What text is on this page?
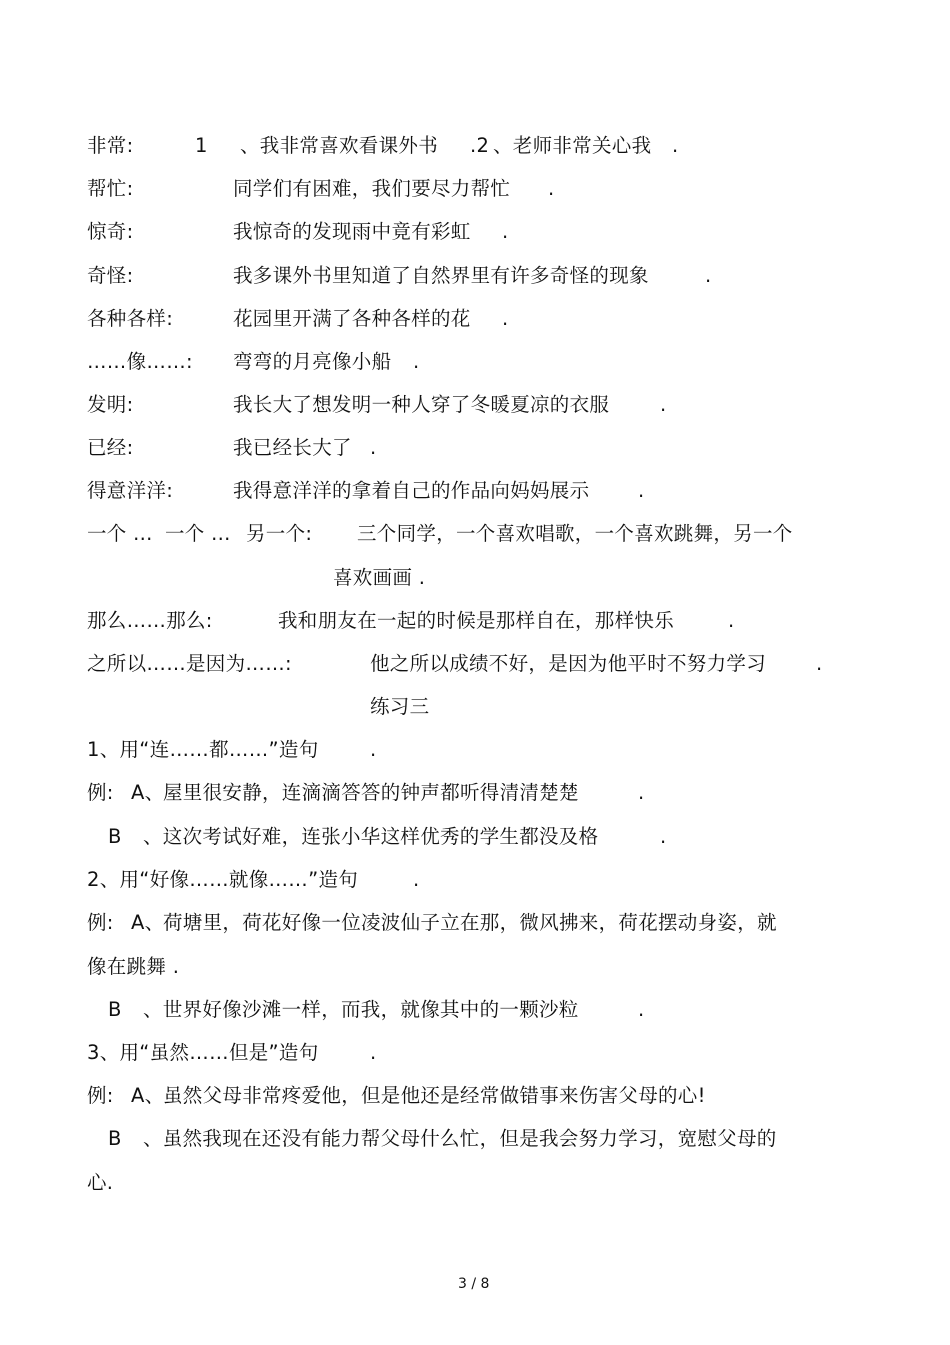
非常:	1 、我非常喜欢看课外书 .2 、老师非常关心我 .
帮忙:	同学们有困难，我们要尽力帮忙 .
惊奇:	我惊奇的发现雨中竟有彩虹 .
奇怪:	我多课外书里知道了自然界里有许多奇怪的现象	.
各种各样:	花园里开满了各种各样的花 .
……像……: 弯弯的月亮像小船 .
发明:	我长大了想发明一种人穿了冬暖夏凉的衣服	.
已经:	我已经长大了 .
得意洋洋:	我得意洋洋的拿着自己的作品向妈妈展示 .
一个 ... 一个 ... 另一个: 三个同学，一个喜欢唱歌，一个喜欢跳舞，另一个
喜欢画画 .
那么……那么:	我和朋友在一起的时候是那样自在，那样快乐	.
之所以……是因为……:	他之所以成绩不好，是因为他平时不努力学习	.
练习三
1、用“连……都……”造句	.
例: A、
屋里很安静，连滴滴答答的钟声都听得清清楚楚	.
B 、这次考试好难，连张小华这样优秀的学生都没及格	.
2、用“好像……就像……”造句	.
例: A、
荷塘里，荷花好像一位凌波仙子立在那，微风拂来，荷花摆动身姿，就
像在跳舞 .
B 、世界好像沙滩一样，而我，就像其中的一颗沙粒	.
3、用“虽然……但是”造句	.
例: A、
虽然父母非常疼爱他，但是他还是经常做错事来伤害父母的心!
B 、虽然我现在还没有能力帮父母什么忙，但是我会努力学习，宽慰父母的
心.
3 / 8
